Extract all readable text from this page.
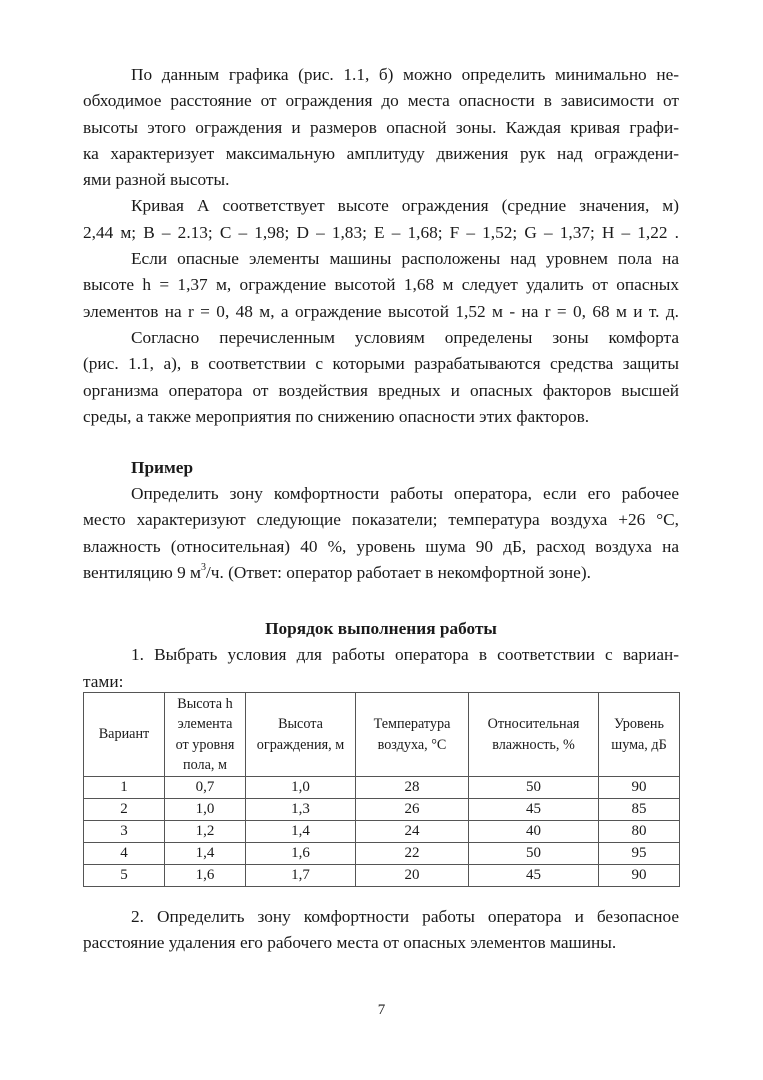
По данным графика (рис. 1.1, б) можно определить минимально не-
обходимое расстояние от ограждения до места опасности в зависимости от
высоты этого ограждения и размеров опасной зоны. Каждая кривая графи-
ка характеризует максимальную амплитуду движения рук над ограждени-
ями разной высоты.

Кривая А соответствует высоте ограждения (средние значения, м)
2,44 м; B – 2.13; C – 1,98; D – 1,83; E – 1,68; F – 1,52; G – 1,37; H – 1,22 .

Если опасные элементы машины расположены над уровнем пола на
высоте h = 1,37 м, ограждение высотой 1,68 м следует удалить от опасных
элементов на r = 0, 48 м, а ограждение высотой 1,52 м - на r = 0, 68 м и т. д.

Согласно перечисленным условиям определены зоны комфорта
(рис. 1.1, а), в соответствии с которыми разрабатываются средства защиты
организма оператора от воздействия вредных и опасных факторов высшей
среды, а также мероприятия по снижению опасности этих факторов.

Пример

Определить зону комфортности работы оператора, если его рабочее
место характеризуют следующие показатели; температура воздуха +26 °С,
влажность (относительная) 40 %, уровень шума 90 дБ, расход воздуха на
вентиляцию 9 $м^3/ч$. (Ответ: оператор работает в некомфортной зоне).

Порядок выполнения работы

1. Выбрать условия для работы оператора в соответствии с вариан-
тами:

Вариант	Высота h
элемента
от уровня
пола, м	Высота
ограждения, м	Температура
воздуха, °С	Относительная
влажность, %	Уровень
шума, дБ
1	0,7	1,0	28	50	90
2	1,0	1,3	26	45	85
3	1,2	1,4	24	40	80
4	1,4	1,6	22	50	95
5	1,6	1,7	20	45	90

2. Определить зону комфортности работы оператора и безопасное
расстояние удаления его рабочего места от опасных элементов машины.

7
